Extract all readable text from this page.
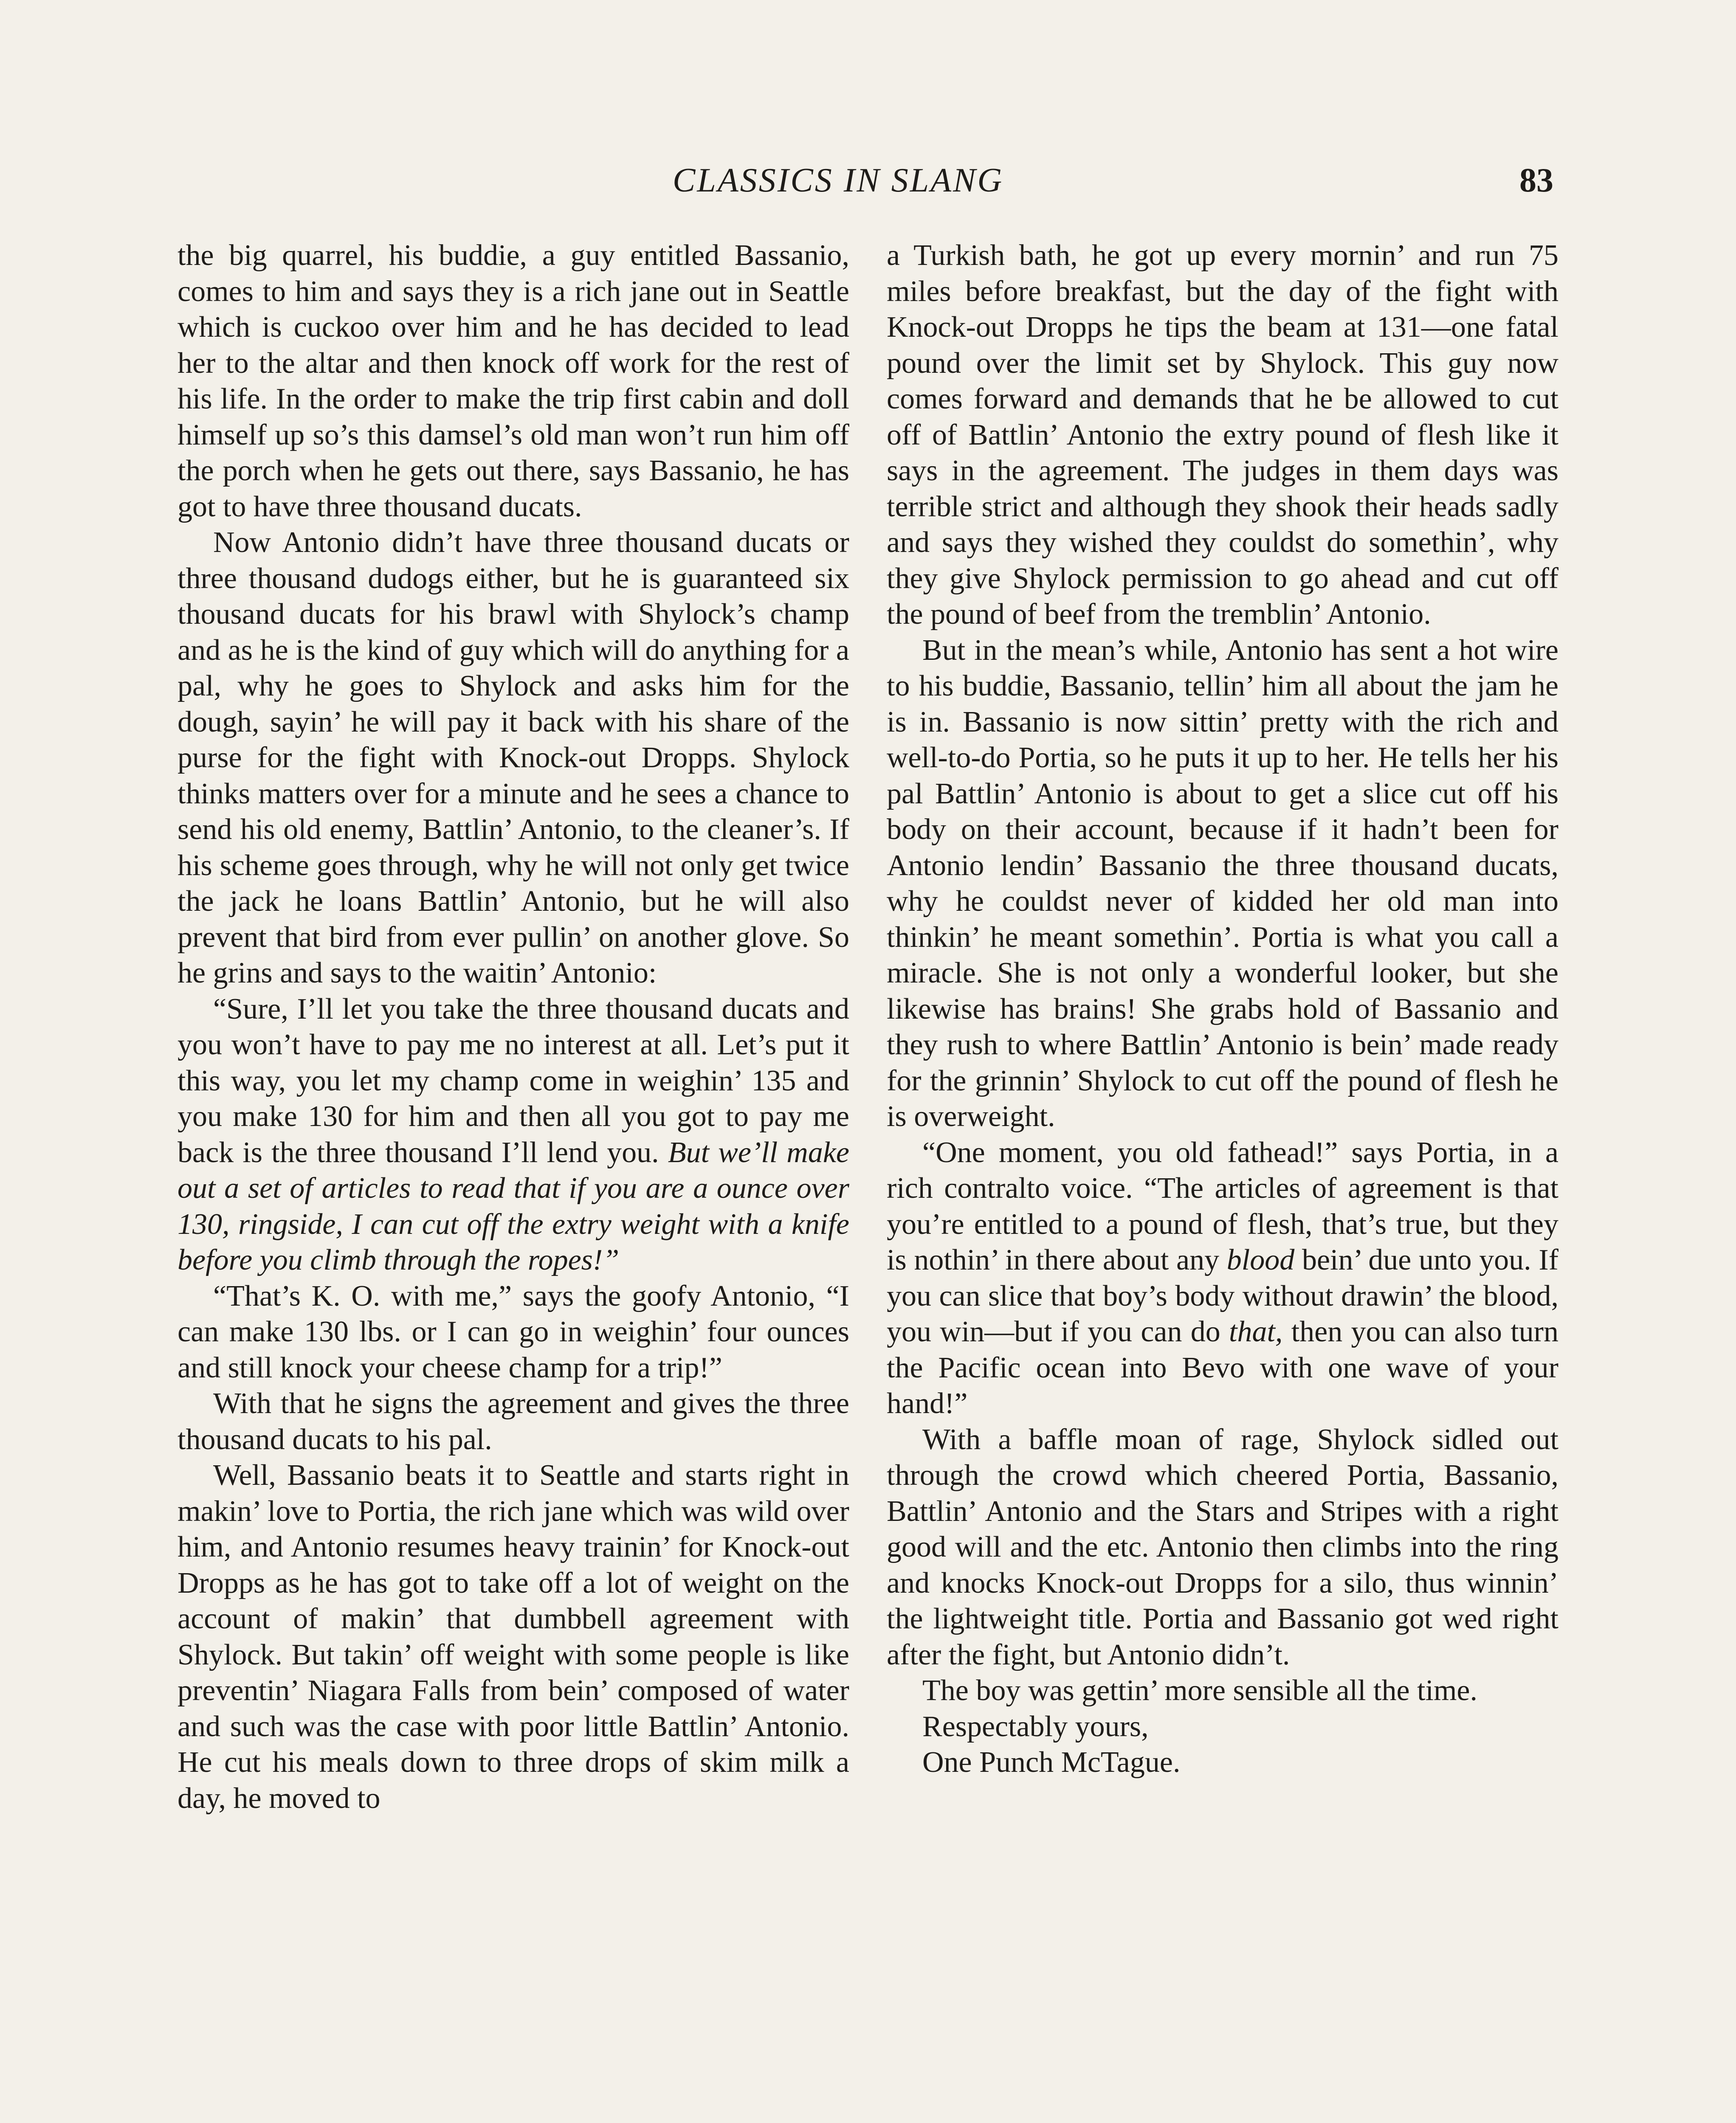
CLASSICS IN SLANG	83

the big quarrel, his buddie, a guy entitled Bassanio, comes to him and says they is a rich jane out in Seattle which is cuckoo over him and he has decided to lead her to the altar and then knock off work for the rest of his life. In the order to make the trip first cabin and doll himself up so’s this damsel’s old man won’t run him off the porch when he gets out there, says Bassanio, he has got to have three thousand ducats.

Now Antonio didn’t have three thousand ducats or three thousand dudogs either, but he is guaranteed six thousand ducats for his brawl with Shylock’s champ and as he is the kind of guy which will do anything for a pal, why he goes to Shylock and asks him for the dough, sayin’ he will pay it back with his share of the purse for the fight with Knock-out Dropps. Shylock thinks matters over for a minute and he sees a chance to send his old enemy, Battlin’ Antonio, to the cleaner’s. If his scheme goes through, why he will not only get twice the jack he loans Battlin’ Antonio, but he will also prevent that bird from ever pullin’ on another glove. So he grins and says to the waitin’ Antonio:

“Sure, I’ll let you take the three thousand ducats and you won’t have to pay me no interest at all. Let’s put it this way, you let my champ come in weighin’ 135 and you make 130 for him and then all you got to pay me back is the three thousand I’ll lend you. But we’ll make out a set of articles to read that if you are a ounce over 130, ringside, I can cut off the extry weight with a knife before you climb through the ropes!”

“That’s K. O. with me,” says the goofy Antonio, “I can make 130 lbs. or I can go in weighin’ four ounces and still knock your cheese champ for a trip!”

With that he signs the agreement and gives the three thousand ducats to his pal.

Well, Bassanio beats it to Seattle and starts right in makin’ love to Portia, the rich jane which was wild over him, and Antonio resumes heavy trainin’ for Knock-out Dropps as he has got to take off a lot of weight on the account of makin’ that dumbbell agreement with Shylock. But takin’ off weight with some people is like preventin’ Niagara Falls from bein’ composed of water and such was the case with poor little Battlin’ Antonio. He cut his meals down to three drops of skim milk a day, he moved to

a Turkish bath, he got up every mornin’ and run 75 miles before breakfast, but the day of the fight with Knock-out Dropps he tips the beam at 131—one fatal pound over the limit set by Shylock. This guy now comes forward and demands that he be allowed to cut off of Battlin’ Antonio the extry pound of flesh like it says in the agreement. The judges in them days was terrible strict and although they shook their heads sadly and says they wished they couldst do somethin’, why they give Shylock permission to go ahead and cut off the pound of beef from the tremblin’ Antonio.

But in the mean’s while, Antonio has sent a hot wire to his buddie, Bassanio, tellin’ him all about the jam he is in. Bassanio is now sittin’ pretty with the rich and well-to-do Portia, so he puts it up to her. He tells her his pal Battlin’ Antonio is about to get a slice cut off his body on their account, because if it hadn’t been for Antonio lendin’ Bassanio the three thousand ducats, why he couldst never of kidded her old man into thinkin’ he meant somethin’. Portia is what you call a miracle. She is not only a wonderful looker, but she likewise has brains! She grabs hold of Bassanio and they rush to where Battlin’ Antonio is bein’ made ready for the grinnin’ Shylock to cut off the pound of flesh he is overweight.

“One moment, you old fathead!” says Portia, in a rich contralto voice. “The articles of agreement is that you’re entitled to a pound of flesh, that’s true, but they is nothin’ in there about any blood bein’ due unto you. If you can slice that boy’s body without drawin’ the blood, you win—but if you can do that, then you can also turn the Pacific ocean into Bevo with one wave of your hand!”

With a baffle moan of rage, Shylock sidled out through the crowd which cheered Portia, Bassanio, Battlin’ Antonio and the Stars and Stripes with a right good will and the etc. Antonio then climbs into the ring and knocks Knock-out Dropps for a silo, thus winnin’ the lightweight title. Portia and Bassanio got wed right after the fight, but Antonio didn’t.

The boy was gettin’ more sensible all the time.

Respectably yours,

One Punch McTague.
